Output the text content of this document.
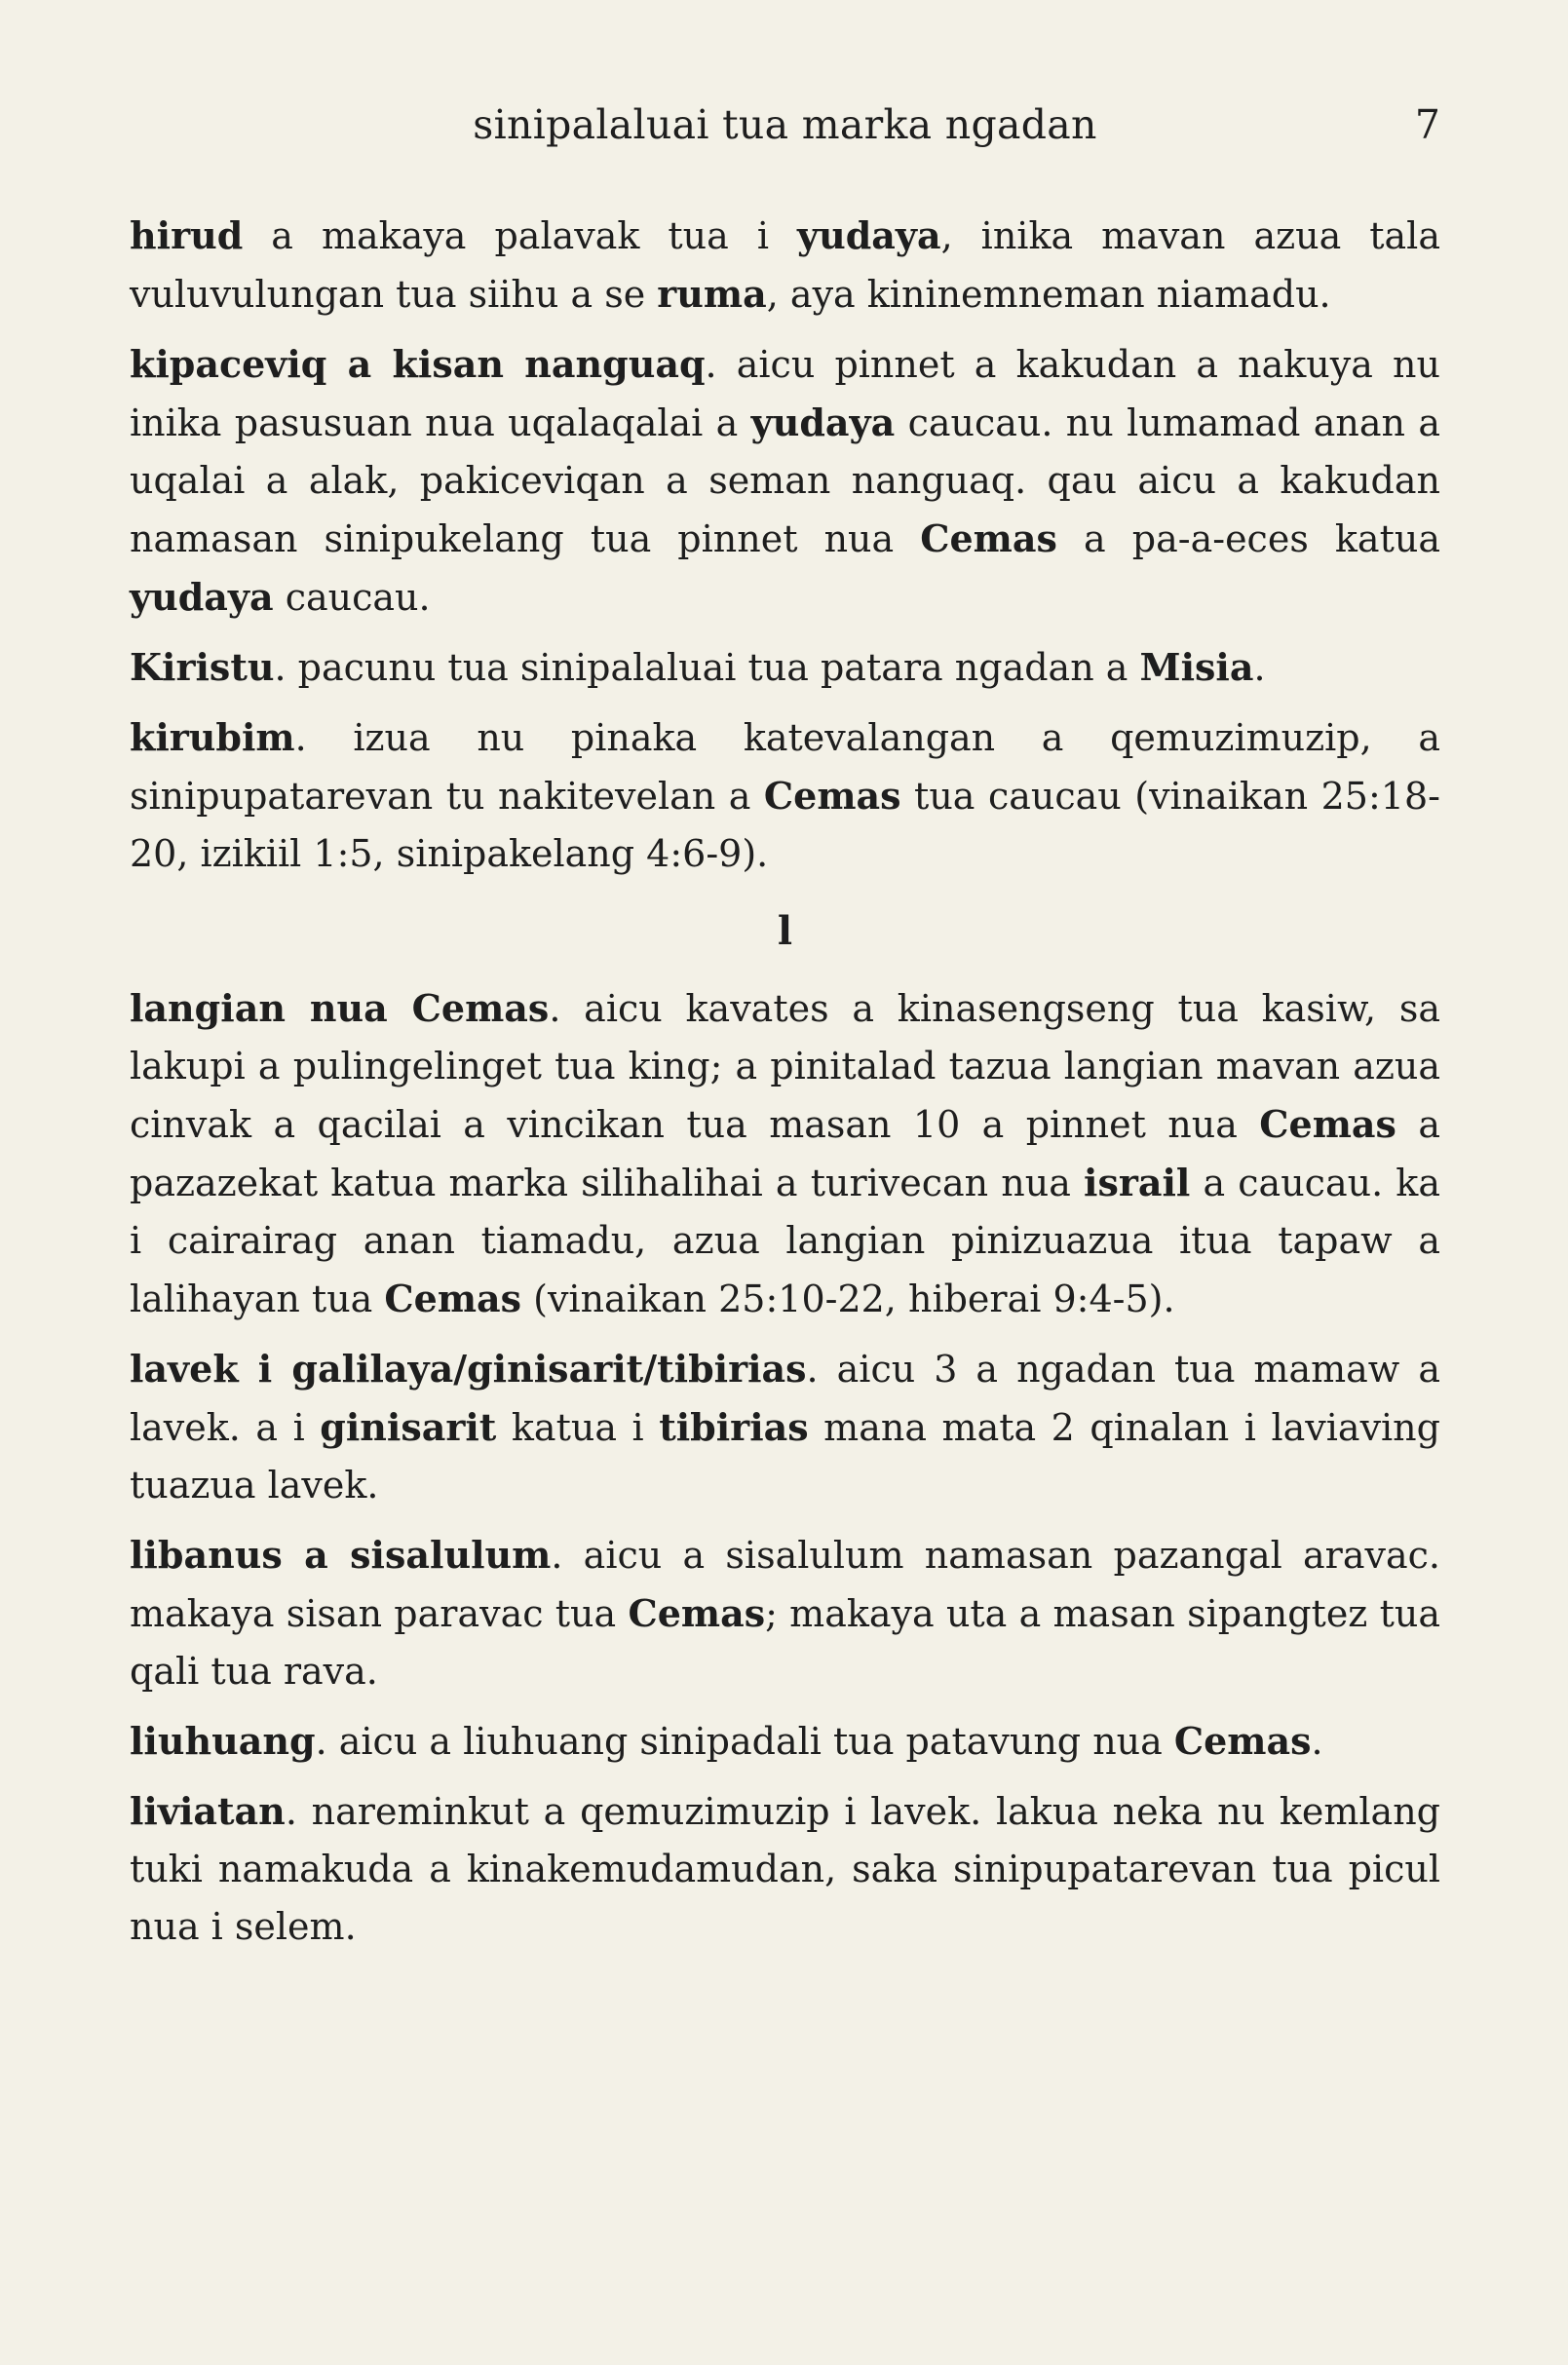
sinipalaluai tua marka ngadan	7

hirud a makaya palavak tua i yudaya, inika mavan azua tala vuluvulungan tua siihu a se ruma, aya kininemneman niamadu.

kipaceviq a kisan nanguaq. aicu pinnet a kakudan a nakuya nu inika pasusuan nua uqalaqalai a yudaya caucau. nu lumamad anan a uqalai a alak, pakiceviqan a seman nanguaq. qau aicu a kakudan namasan sinipukelang tua pinnet nua Cemas a pa-a-eces katua yudaya caucau.

Kiristu. pacunu tua sinipalaluai tua patara ngadan a Misia.

kirubim. izua nu pinaka katevalangan a qemuzimuzip, a sinipupatarevan tu nakitevelan a Cemas tua caucau (vinaikan 25:18-20, izikiil 1:5, sinipakelang 4:6-9).

l

langian nua Cemas. aicu kavates a kinasengseng tua kasiw, sa lakupi a pulingelinget tua king; a pinitalad tazua langian mavan azua cinvak a qacilai a vincikan tua masan 10 a pinnet nua Cemas a pazazekat katua marka silihalihai a turivecan nua israil a caucau. ka i cairairag anan tiamadu, azua langian pinizuazua itua tapaw a lalihayan tua Cemas (vinaikan 25:10-22, hiberai 9:4-5).

lavek i galilaya/ginisarit/tibirias. aicu 3 a ngadan tua mamaw a lavek. a i ginisarit katua i tibirias mana mata 2 qinalan i laviaving tuazua lavek.

libanus a sisalulum. aicu a sisalulum namasan pazangal aravac. makaya sisan paravac tua Cemas; makaya uta a masan sipangtez tua qali tua rava.

liuhuang. aicu a liuhuang sinipadali tua patavung nua Cemas.

liviatan. nareminkut a qemuzimuzip i lavek. lakua neka nu kemlang tuki namakuda a kinakemudamudan, saka sinipupatarevan tua picul nua i selem.
